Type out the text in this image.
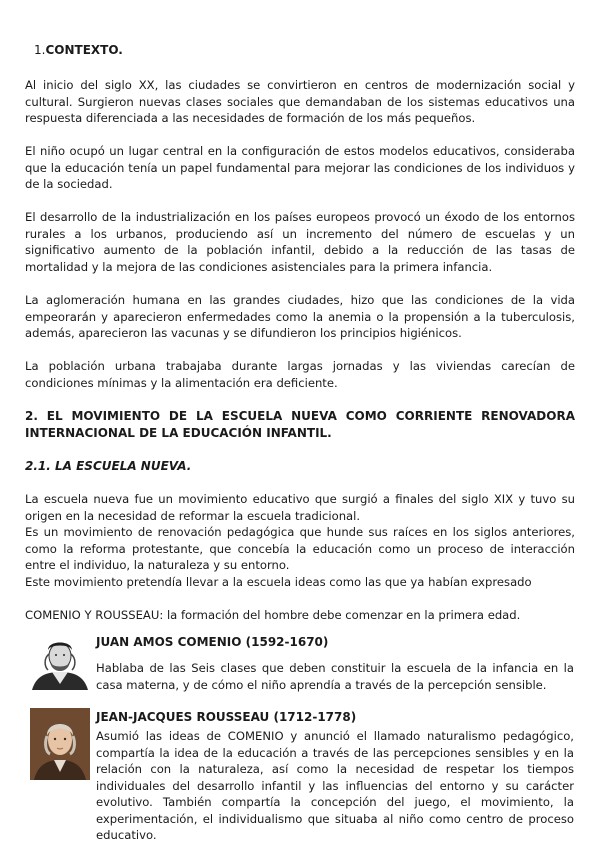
1.CONTEXTO.

Al inicio del siglo XX, las ciudades se convirtieron en centros de modernización social y cultural. Surgieron nuevas clases sociales que demandaban de los sistemas educativos una respuesta diferenciada a las necesidades de formación de los más pequeños.

El niño ocupó un lugar central en la configuración de estos modelos educativos, consideraba que la educación tenía un papel fundamental para mejorar las condiciones de los individuos y de la sociedad.

El desarrollo de la industrialización en los países europeos provocó un éxodo de los entornos rurales a los urbanos, produciendo así un incremento del número de escuelas y un significativo aumento de la población infantil, debido a la reducción de las tasas de mortalidad y la mejora de las condiciones asistenciales para la primera infancia.

La aglomeración humana en las grandes ciudades, hizo que las condiciones de la vida empeorarán y aparecieron enfermedades como la anemia o la propensión a la tuberculosis, además, aparecieron las vacunas y se difundieron los principios higiénicos.

La población urbana trabajaba durante largas jornadas y las viviendas carecían de condiciones mínimas y la alimentación era deficiente.

2. EL MOVIMIENTO DE LA ESCUELA NUEVA COMO CORRIENTE RENOVADORA INTERNACIONAL DE LA EDUCACIÓN INFANTIL.
2.1. LA ESCUELA NUEVA.

La escuela nueva fue un movimiento educativo que surgió a finales del siglo XIX y tuvo su origen en la necesidad de reformar la escuela tradicional.

Es un movimiento de renovación pedagógica que hunde sus raíces en los siglos anteriores, como la reforma protestante, que concebía la educación como un proceso de interacción entre el individuo, la naturaleza y su entorno.

Este movimiento pretendía llevar a la escuela ideas como las que ya habían expresado

COMENIO Y ROUSSEAU: la formación del hombre debe comenzar en la primera edad.

JUAN AMOS COMENIO (1592-1670)

Hablaba de las Seis clases que deben constituir la escuela de la infancia en la casa materna, y de cómo el niño aprendía a través de la percepción sensible.

JEAN-JACQUES ROUSSEAU (1712-1778)

Asumió las ideas de COMENIO y anunció el llamado naturalismo pedagógico, compartía la idea de la educación a través de las percepciones sensibles y en la relación con la naturaleza, así como la necesidad de respetar los tiempos individuales del desarrollo infantil y las influencias del entorno y su carácter evolutivo. También compartía la concepción del juego, el movimiento, la experimentación, el individualismo que situaba al niño como centro de proceso educativo.
